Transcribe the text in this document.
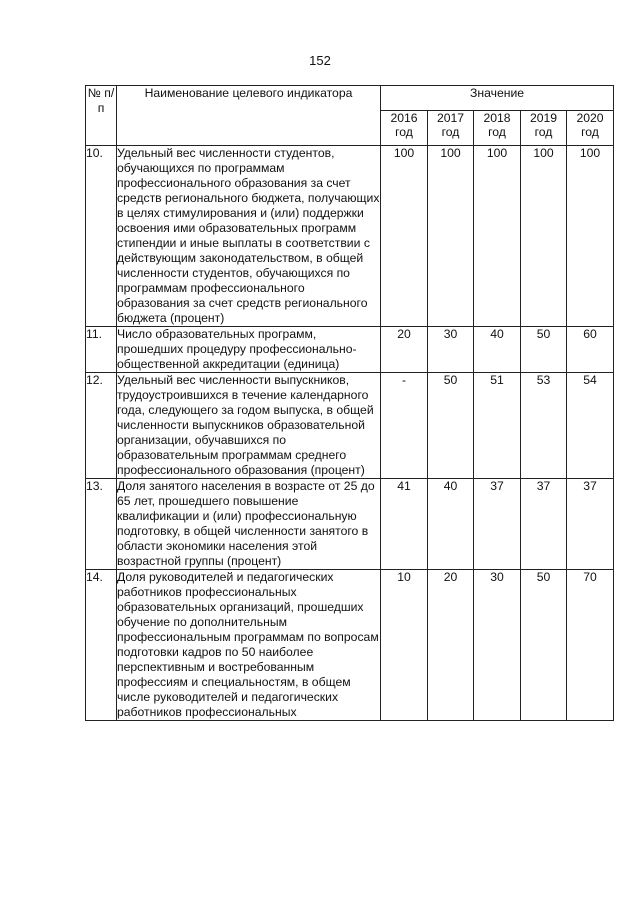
152
№ п/п	Наименование целевого индикатора	Значение				
		2016 год	2017 год	2018 год	2019 год	2020 год
10.	Удельный вес численности студентов, обучающихся по программам профессионального образования за счет средств регионального бюджета, получающих в целях стимулирования и (или) поддержки освоения ими образовательных программ стипендии и иные выплаты в соответствии с действующим законодательством, в общей численности студентов, обучающихся по программам профессионального образования за счет средств регионального бюджета (процент)	100	100	100	100	100
11.	Число образовательных программ, прошедших процедуру профессионально-общественной аккредитации (единица)	20	30	40	50	60
12.	Удельный вес численности выпускников, трудоустроившихся в течение календарного года, следующего за годом выпуска, в общей численности выпускников образовательной организации, обучавшихся по образовательным программам среднего профессионального образования (процент)	-	50	51	53	54
13.	Доля занятого населения в возрасте от 25 до 65 лет, прошедшего повышение квалификации и (или) профессиональную подготовку, в общей численности занятого в области экономики населения этой возрастной группы (процент)	41	40	37	37	37
14.	Доля руководителей и педагогических работников профессиональных образовательных организаций, прошедших обучение по дополнительным профессиональным программам по вопросам подготовки кадров по 50 наиболее перспективным и востребованным профессиям и специальностям, в общем числе руководителей и педагогических работников профессиональных	10	20	30	50	70
